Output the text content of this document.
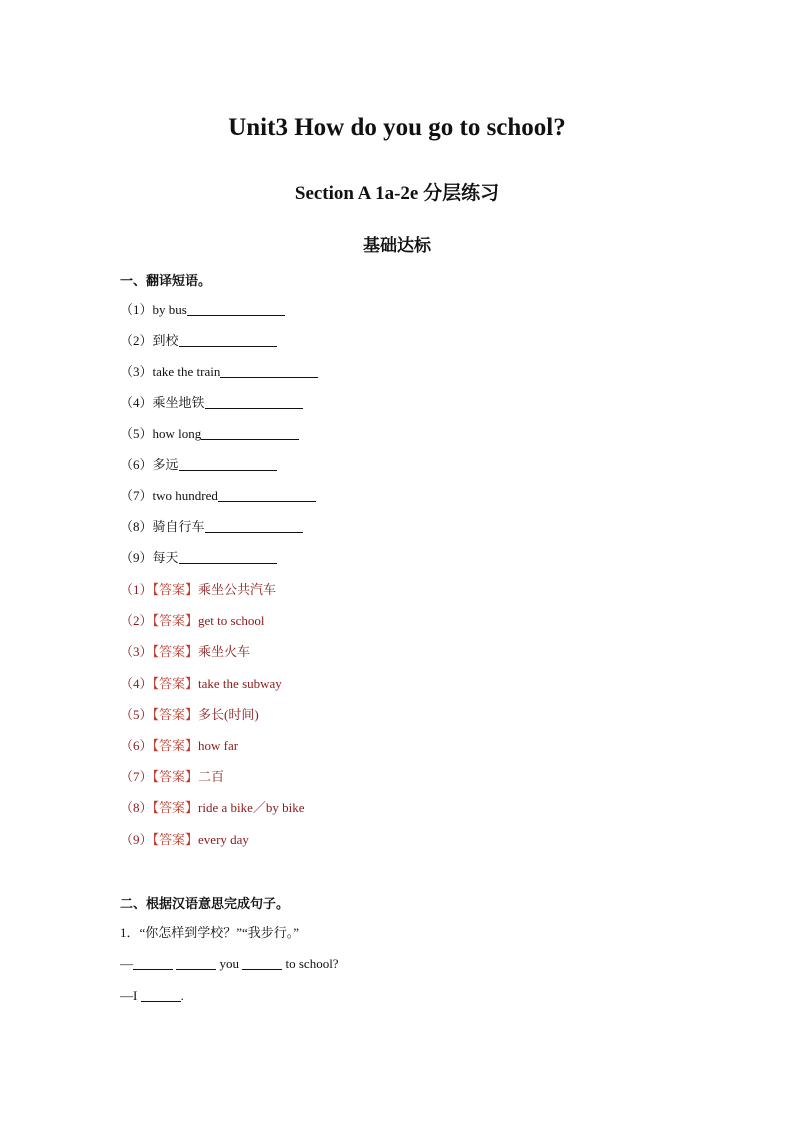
Unit3 How do you go to school?
Section A 1a-2e 分层练习
基础达标
一、翻译短语。
（1）by bus
（2）到校
（3）take the train
（4）乘坐地铁
（5）how long
（6）多远
（7）two hundred
（8）骑自行车
（9）每天
（1）【答案】乘坐公共汽车
（2）【答案】get to school
（3）【答案】乘坐火车
（4）【答案】take the subway
（5）【答案】多长(时间)
（6）【答案】how far
（7）【答案】二百
（8）【答案】ride a bike／by bike
（9）【答案】every day
二、根据汉语意思完成句子。
1．“你怎样到学校？”“我步行。”
—	you	to school?
—I	.
